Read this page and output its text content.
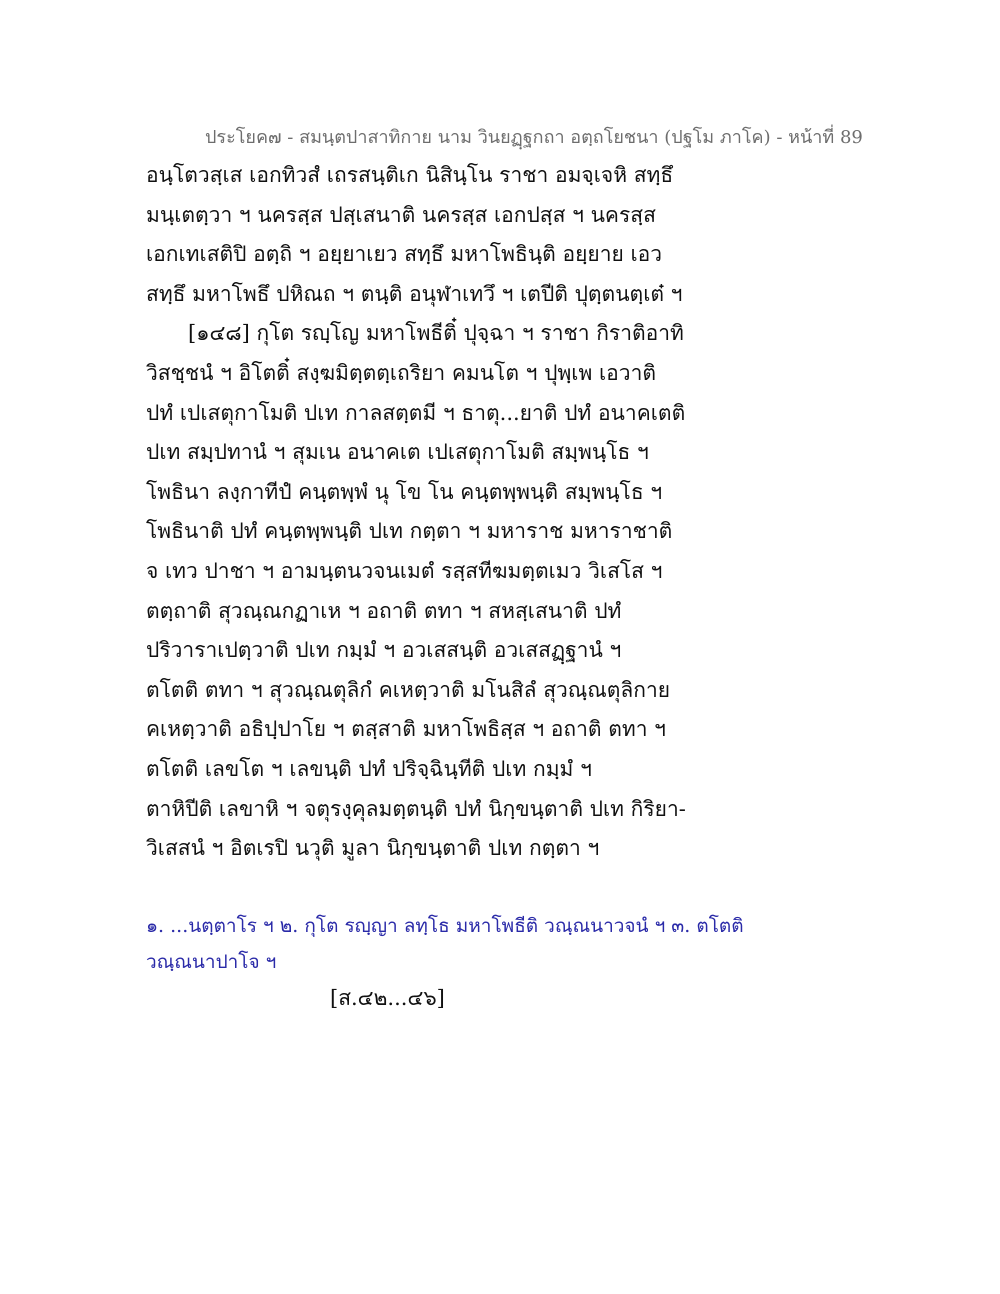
ประโยค๗ - สมนฺตปาสาทิกาย นาม วินยฏฺฐกถา อตฺถโยชนา (ปฐโม ภาโค) - หน้าที่ 89
อนฺโตวสฺเส เอกทิวสํ เถรสนฺติเก นิสินฺโน ราชา อมจฺเจหิ สทฺธึ
มนฺเตตฺวา ฯ นครสฺส ปสฺเสนาติ นครสฺส เอกปสฺส ฯ นครสฺส
เอกเทเสติปิ อตฺถิ ฯ อยฺยาเยว สทฺธึ มหาโพธินฺติ อยฺยาย เอว
สทฺธึ มหาโพธึ ปหิณถ ฯ ตนฺติ อนุฬาเทวึ ฯ เตปีติ ปุตฺตนตฺเต๋ ฯ
[๑๔๘] กุโต รญฺโญ มหาโพธีติ๋ ปุจฺฉา ฯ ราชา กิราติอาทิ
วิสชฺชนํ ฯ อิโตติ๋ สงฺฆมิตฺตตฺเถริยา คมนโต ฯ ปุพฺเพ เอวาติ
ปทํ เปเสตุกาโมติ ปเท กาลสตฺตมี ฯ ธาตุ...ยาติ ปทํ อนาคเตติ
ปเท สมฺปทานํ ฯ สุมเน อนาคเต เปเสตุกาโมติ สมฺพนฺโธ ฯ
โพธินา ลงฺกาทีปํ คนฺตพฺพํ นุ โข โน คนฺตพฺพนฺติ สมฺพนฺโธ ฯ
โพธินาติ ปทํ คนฺตพฺพนฺติ ปเท กตฺตา ฯ มหาราช มหาราชาติ
จ เทว ปาชา ฯ อามนฺตนวจนเมตํ รสฺสทีฆมตฺตเมว วิเสโส ฯ
ตตฺถาติ สุวณฺณกฏาเห ฯ อถาติ ตทา ฯ สหสฺเสนาติ ปทํ
ปริวาราเปตฺวาติ ปเท กมฺมํ ฯ อวเสสนฺติ อวเสสฏฺฐานํ ฯ
ตโตติ ตทา ฯ สุวณฺณตุลิกํ คเหตฺวาติ มโนสิลํ สุวณฺณตุลิกาย
คเหตฺวาติ อธิปฺปาโย ฯ ตสฺสาติ มหาโพธิสฺส ฯ อถาติ ตทา ฯ
ตโตติ เลขโต ฯ เลขนฺติ ปทํ ปริจฺฉินฺทีติ ปเท กมฺมํ ฯ
ตาหิปีติ เลขาหิ ฯ จตุรงฺคุลมตฺตนฺติ ปทํ นิกฺขนฺตาติ ปเท กิริยา-
วิเสสนํ ฯ อิตเรปิ นวุติ มูลา นิกฺขนฺตาติ ปเท กตฺตา ฯ
๑. ...นตฺตาโร ฯ ๒. กุโต รญฺญา ลทฺโธ มหาโพธีติ วณฺณนาวจนํ ฯ ๓. ตโตติ
วณฺณนาปาโจ ฯ
[ส.๔๒...๔๖]
